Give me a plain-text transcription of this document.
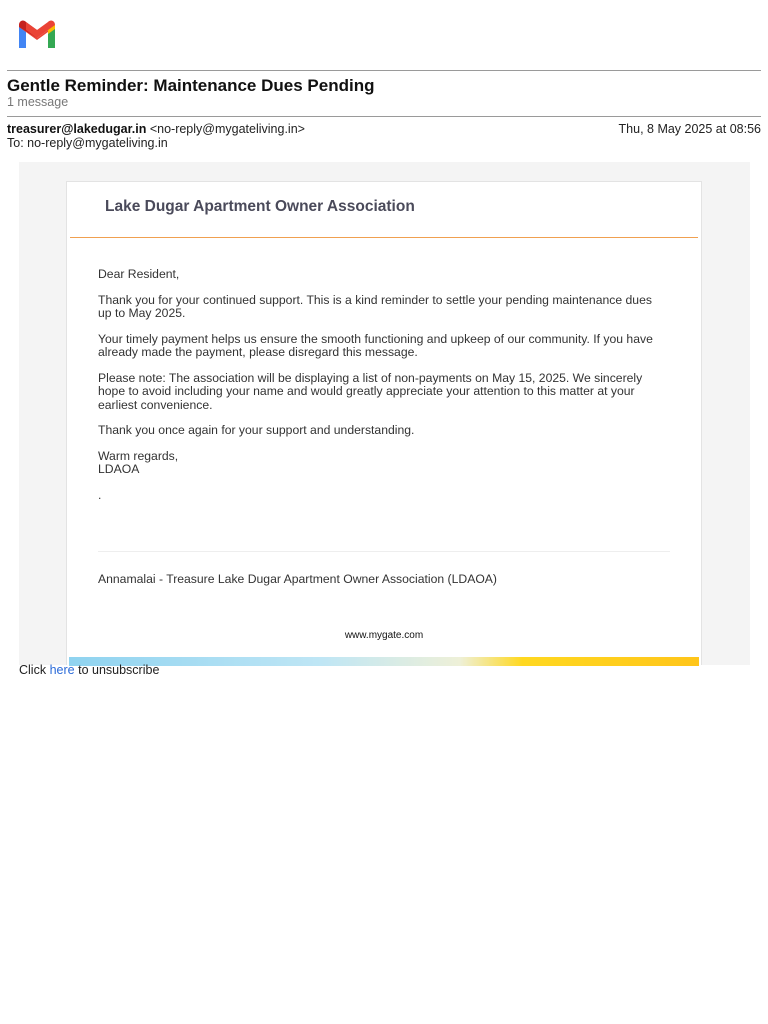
Gentle Reminder: Maintenance Dues Pending
1 message
treasurer@lakedugar.in <no-reply@mygateliving.in>	Thu, 8 May 2025 at 08:56
To: no-reply@mygateliving.in
Lake Dugar Apartment Owner Association

Dear Resident,

Thank you for your continued support. This is a kind reminder to settle your pending maintenance dues up to May 2025.

Your timely payment helps us ensure the smooth functioning and upkeep of our community. If you have already made the payment, please disregard this message.

Please note: The association will be displaying a list of non-payments on May 15, 2025. We sincerely hope to avoid including your name and would greatly appreciate your attention to this matter at your earliest convenience.

Thank you once again for your support and understanding.

Warm regards,

LDAOA

.

Annamalai - Treasure Lake Dugar Apartment Owner Association (LDAOA)
www.mygate.com
Click here to unsubscribe
